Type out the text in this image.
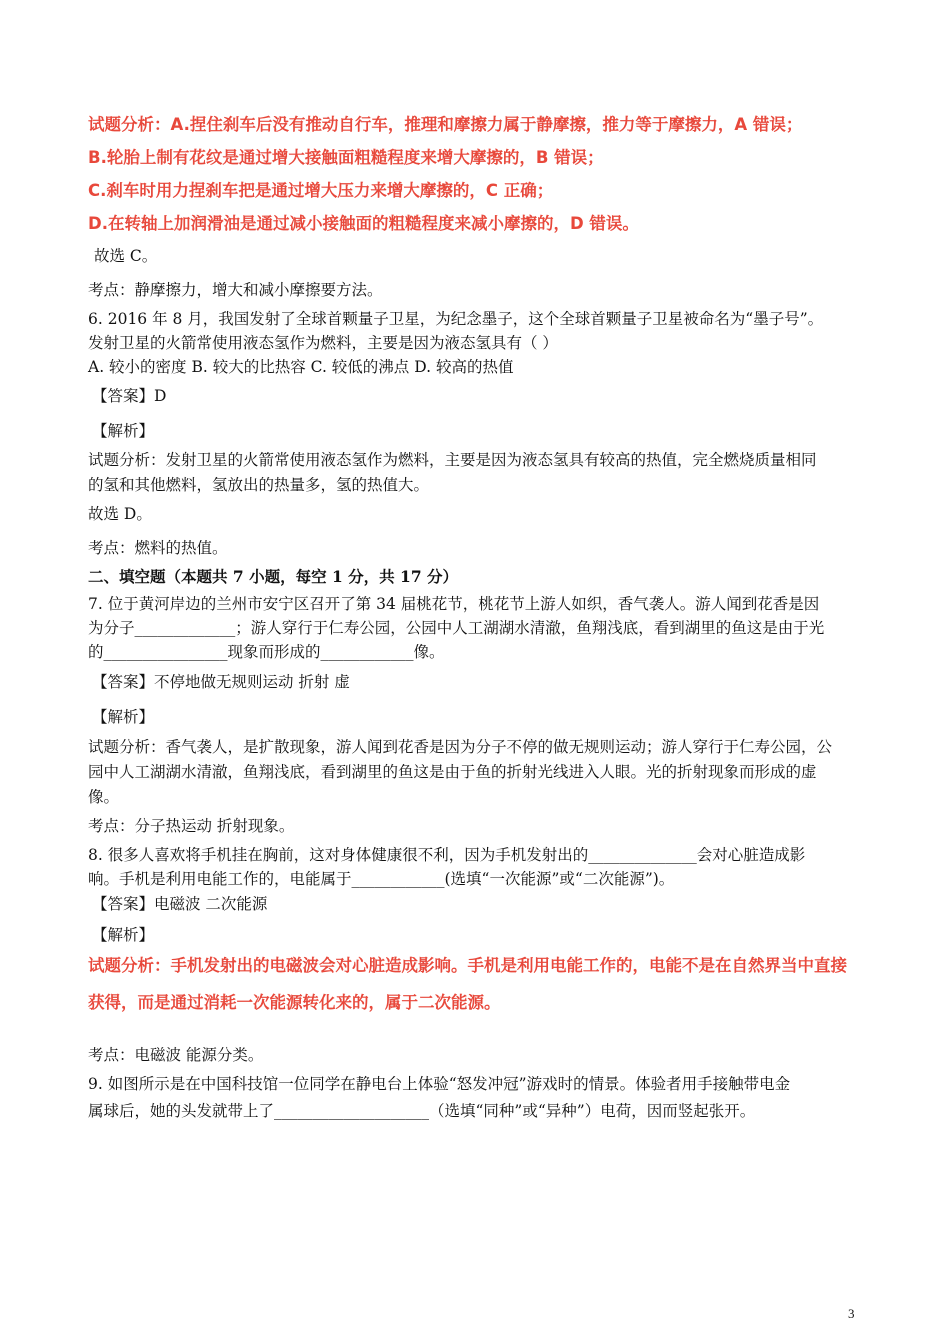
试题分析：A.捏住刹车后没有推动自行车，推理和摩擦力属于静摩擦，推力等于摩擦力，A 错误；
B.轮胎上制有花纹是通过增大接触面粗糙程度来增大摩擦的，B 错误；
C.刹车时用力捏刹车把是通过增大压力来增大摩擦的，C 正确；
D.在转轴上加润滑油是通过减小接触面的粗糙程度来减小摩擦的，D 错误。
故选 C。
考点：静摩擦力，增大和减小摩擦要方法。
6. 2016 年 8 月，我国发射了全球首颗量子卫星，为纪念墨子，这个全球首颗量子卫星被命名为“墨子号”。
发射卫星的火箭常使用液态氢作为燃料，主要是因为液态氢具有（ ）
A. 较小的密度 B. 较大的比热容 C. 较低的沸点 D. 较高的热值
【答案】D
【解析】
试题分析：发射卫星的火箭常使用液态氢作为燃料，主要是因为液态氢具有较高的热值，完全燃烧质量相同
的氢和其他燃料，氢放出的热量多，氢的热值大。
故选 D。
考点：燃料的热值。
二、填空题（本题共 7 小题，每空 1 分，共 17 分）
7. 位于黄河岸边的兰州市安宁区召开了第 34 届桃花节，桃花节上游人如织，香气袭人。游人闻到花香是因
为分子_____________；游人穿行于仁寿公园，公园中人工湖湖水清澈，鱼翔浅底，看到湖里的鱼这是由于光
的________________现象而形成的____________像。
【答案】不停地做无规则运动 折射 虚
【解析】
试题分析：香气袭人，是扩散现象，游人闻到花香是因为分子不停的做无规则运动；游人穿行于仁寿公园，公
园中人工湖湖水清澈，鱼翔浅底，看到湖里的鱼这是由于鱼的折射光线进入人眼。光的折射现象而形成的虚
像。
考点：分子热运动 折射现象。
8. 很多人喜欢将手机挂在胸前，这对身体健康很不利，因为手机发射出的______________会对心脏造成影
响。手机是利用电能工作的，电能属于____________(选填“一次能源”或“二次能源”)。
【答案】电磁波 二次能源
【解析】
试题分析：手机发射出的电磁波会对心脏造成影响。手机是利用电能工作的，电能不是在自然界当中直接
获得，而是通过消耗一次能源转化来的，属于二次能源。
考点：电磁波 能源分类。
9. 如图所示是在中国科技馆一位同学在静电台上体验“怒发冲冠”游戏时的情景。体验者用手接触带电金
属球后，她的头发就带上了____________________（选填“同种”或“异种”）电荷，因而竖起张开。
3
